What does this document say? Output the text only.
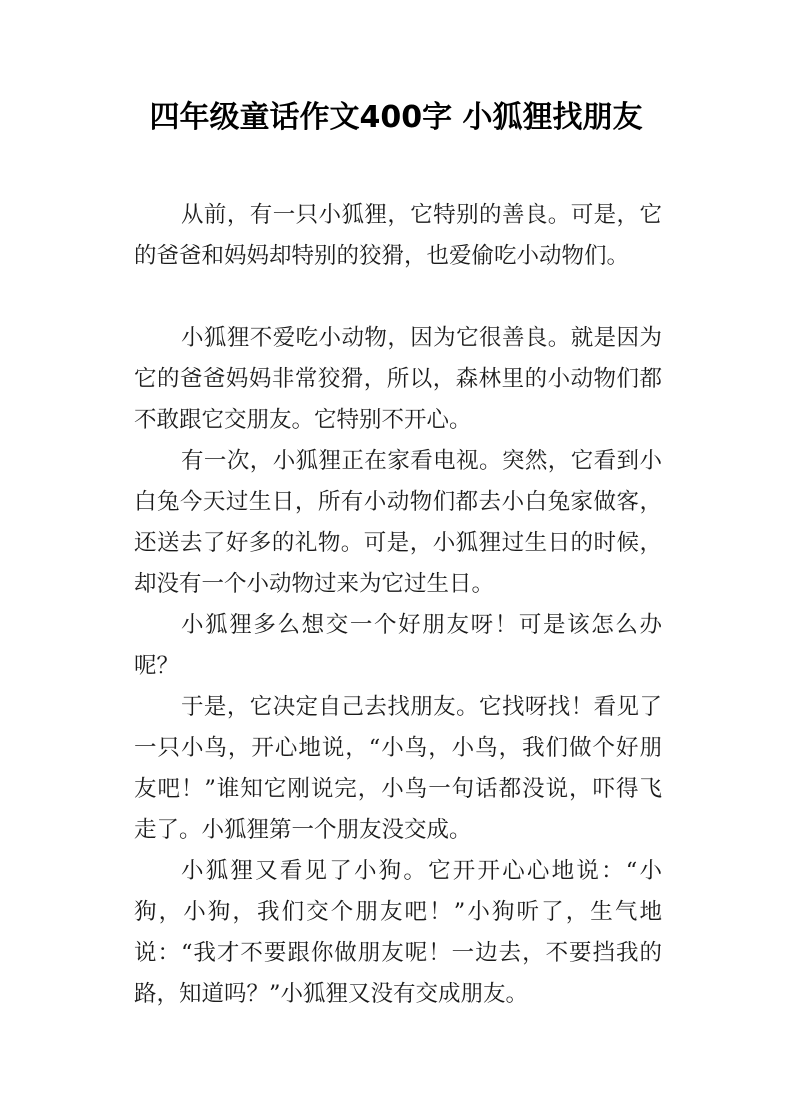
四年级童话作文400字 小狐狸找朋友

从前，有一只小狐狸，它特别的善良。可是，它的爸爸和妈妈却特别的狡猾，也爱偷吃小动物们。

小狐狸不爱吃小动物，因为它很善良。就是因为它的爸爸妈妈非常狡猾，所以，森林里的小动物们都不敢跟它交朋友。它特别不开心。

有一次，小狐狸正在家看电视。突然，它看到小白兔今天过生日，所有小动物们都去小白兔家做客，还送去了好多的礼物。可是，小狐狸过生日的时候，却没有一个小动物过来为它过生日。

小狐狸多么想交一个好朋友呀！可是该怎么办呢？

于是，它决定自己去找朋友。它找呀找！看见了一只小鸟，开心地说，“小鸟，小鸟，我们做个好朋友吧！”谁知它刚说完，小鸟一句话都没说，吓得飞走了。小狐狸第一个朋友没交成。

小狐狸又看见了小狗。它开开心心地说：“小狗，小狗，我们交个朋友吧！”小狗听了，生气地说：“我才不要跟你做朋友呢！一边去，不要挡我的路，知道吗？”小狐狸又没有交成朋友。
